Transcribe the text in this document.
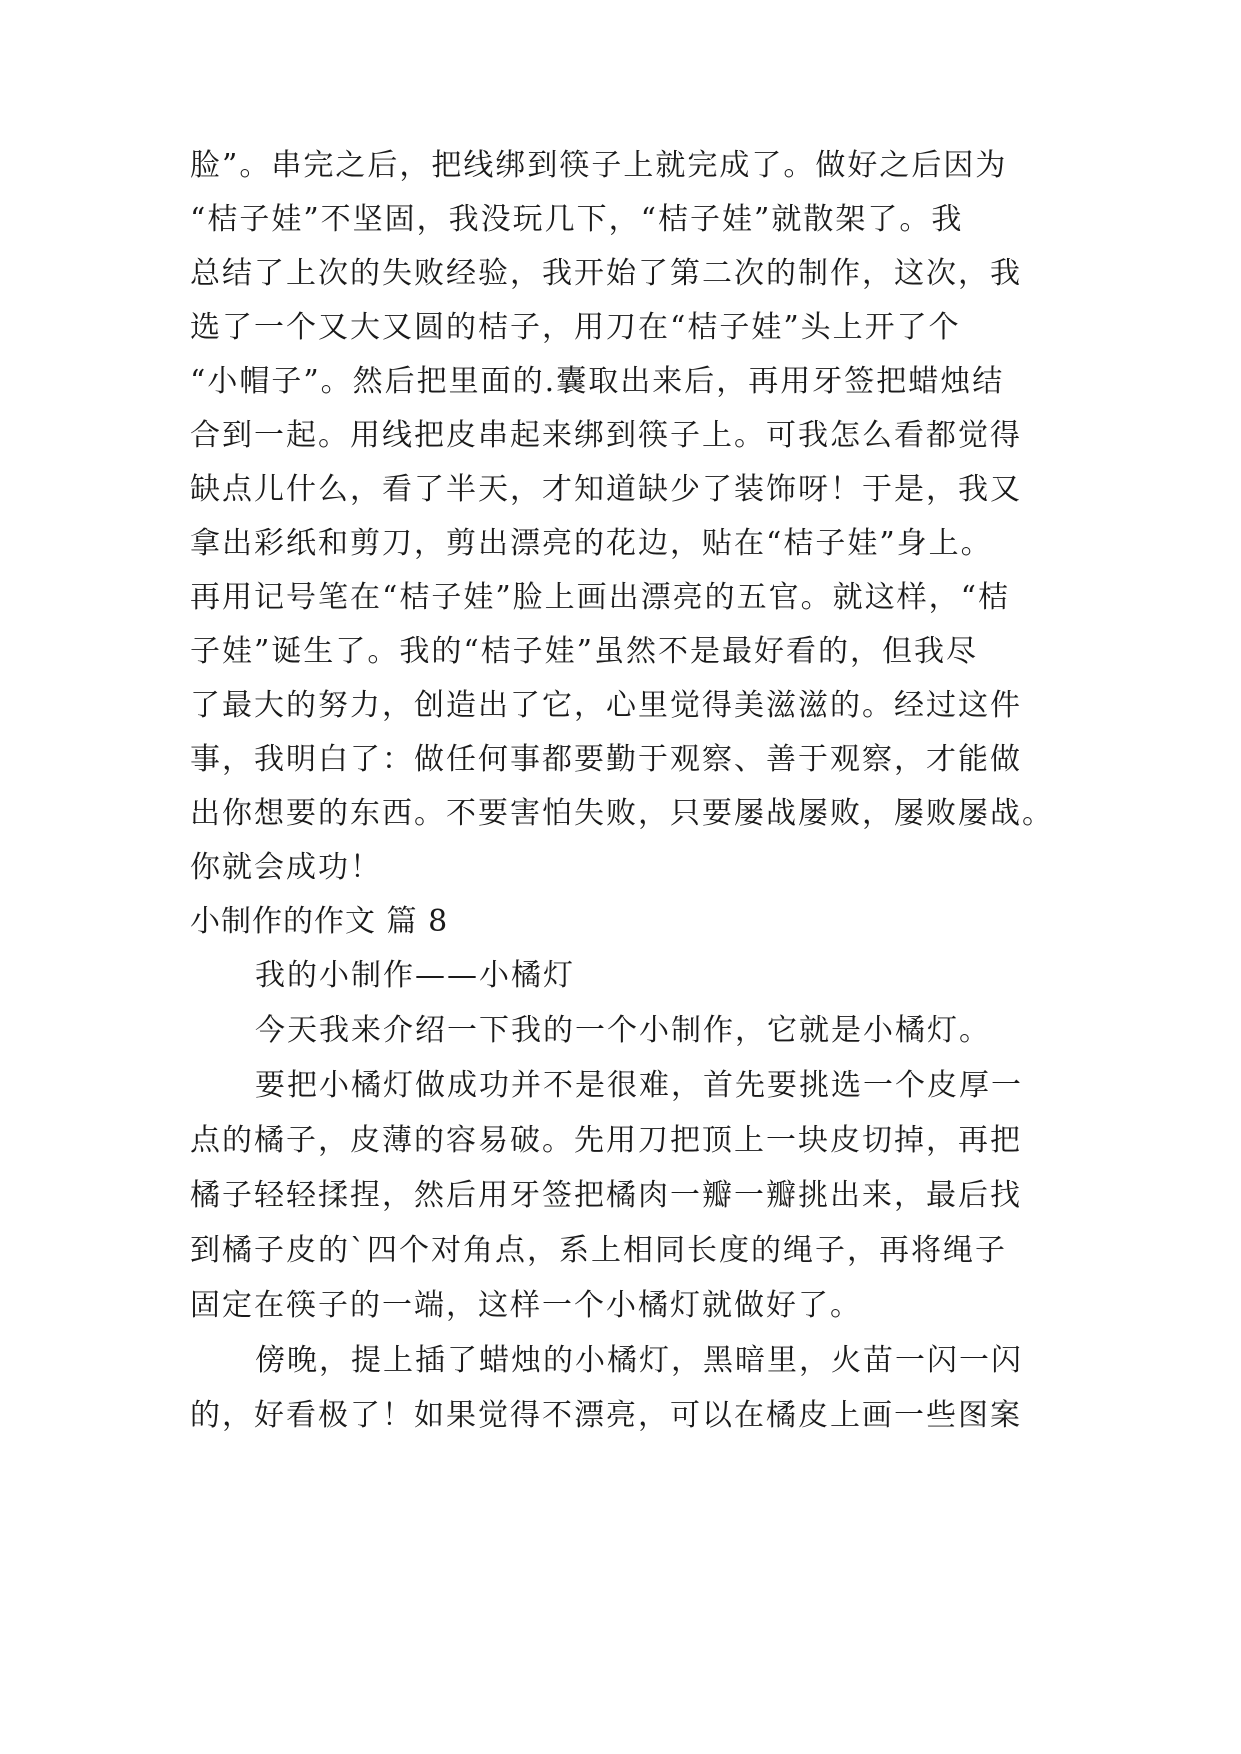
脸”。串完之后，把线绑到筷子上就完成了。做好之后因为
“桔子娃”不坚固，我没玩几下，“桔子娃”就散架了。我
总结了上次的失败经验，我开始了第二次的制作，这次，我
选了一个又大又圆的桔子，用刀在“桔子娃”头上开了个
“小帽子”。然后把里面的.囊取出来后，再用牙签把蜡烛结
合到一起。用线把皮串起来绑到筷子上。可我怎么看都觉得
缺点儿什么，看了半天，才知道缺少了装饰呀！于是，我又
拿出彩纸和剪刀，剪出漂亮的花边，贴在“桔子娃”身上。
再用记号笔在“桔子娃”脸上画出漂亮的五官。就这样，“桔
子娃”诞生了。我的“桔子娃”虽然不是最好看的，但我尽
了最大的努力，创造出了它，心里觉得美滋滋的。经过这件
事，我明白了：做任何事都要勤于观察、善于观察，才能做
出你想要的东西。不要害怕失败，只要屡战屡败，屡败屡战。
你就会成功！
小制作的作文 篇 8
我的小制作——小橘灯
今天我来介绍一下我的一个小制作，它就是小橘灯。
要把小橘灯做成功并不是很难，首先要挑选一个皮厚一
点的橘子，皮薄的容易破。先用刀把顶上一块皮切掉，再把
橘子轻轻揉捏，然后用牙签把橘肉一瓣一瓣挑出来，最后找
到橘子皮的`四个对角点，系上相同长度的绳子，再将绳子
固定在筷子的一端，这样一个小橘灯就做好了。
傍晚，提上插了蜡烛的小橘灯，黑暗里，火苗一闪一闪
的，好看极了！如果觉得不漂亮，可以在橘皮上画一些图案
